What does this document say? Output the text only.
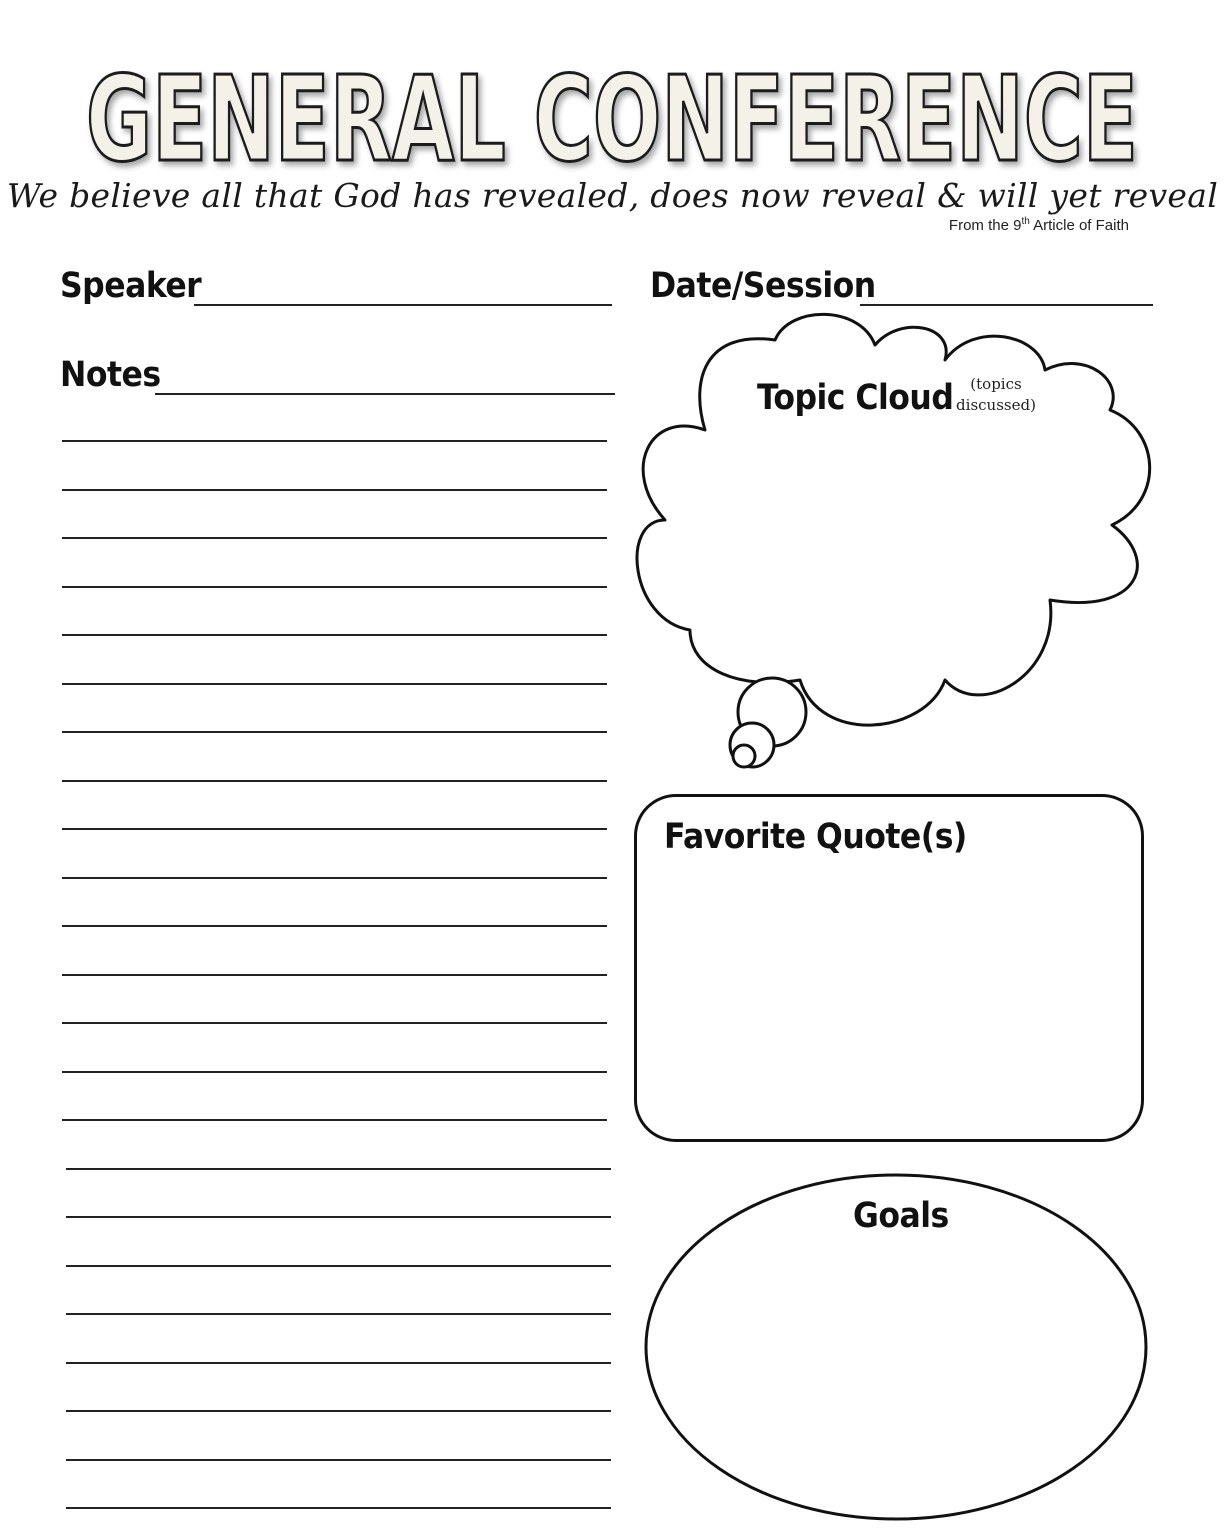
GENERAL CONFERENCE
We believe all that God has revealed, does now reveal & will yet reveal
From the 9th Article of Faith
Speaker	Date/Session
Notes
Topic Cloud	(topics
discussed)
Favorite Quote(s)
Goals
